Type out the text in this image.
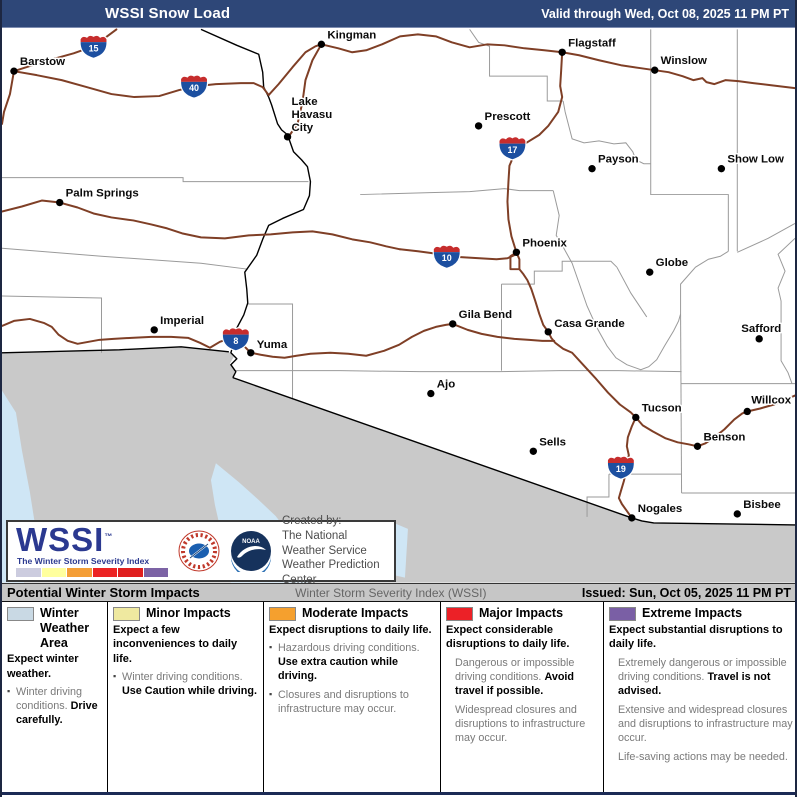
WSSI Snow Load	Valid through Wed, Oct 08, 2025 11 PM PT
15
40
17
10
8
19
Barstow
Kingman
Lake
Havasu
City
Palm Springs
Flagstaff
Winslow
Prescott
Payson	Show Low
Phoenix
Globe
Imperial
Yuma
Gila Bend
Casa Grande	Safford
Ajo
Tucson
Sells	Benson
Willcox
Nogales	Bisbee
WSSI™
The Winter Storm Severity Index
NOAA
Created by:
The National Weather Service
Weather Prediction Center
Potential Winter Storm Impacts	Winter Storm Severity Index (WSSI)	Issued: Sun, Oct 05, 2025 11 PM PT
Winter Weather Area
Expect winter weather.
▪ Winter driving conditions. Drive carefully.
Minor Impacts
Expect a few inconveniences to daily life.
▪ Winter driving conditions. Use Caution while driving.
Moderate Impacts
Expect disruptions to daily life.
▪ Hazardous driving conditions. Use extra caution while driving.
▪ Closures and disruptions to infrastructure may occur.
Major Impacts
Expect considerable disruptions to daily life.
Dangerous or impossible driving conditions. Avoid travel if possible.
Widespread closures and disruptions to infrastructure may occur.
Extreme Impacts
Expect substantial disruptions to daily life.
Extremely dangerous or impossible driving conditions. Travel is not advised.
Extensive and widespread closures and disruptions to infrastructure may occur.
Life-saving actions may be needed.
